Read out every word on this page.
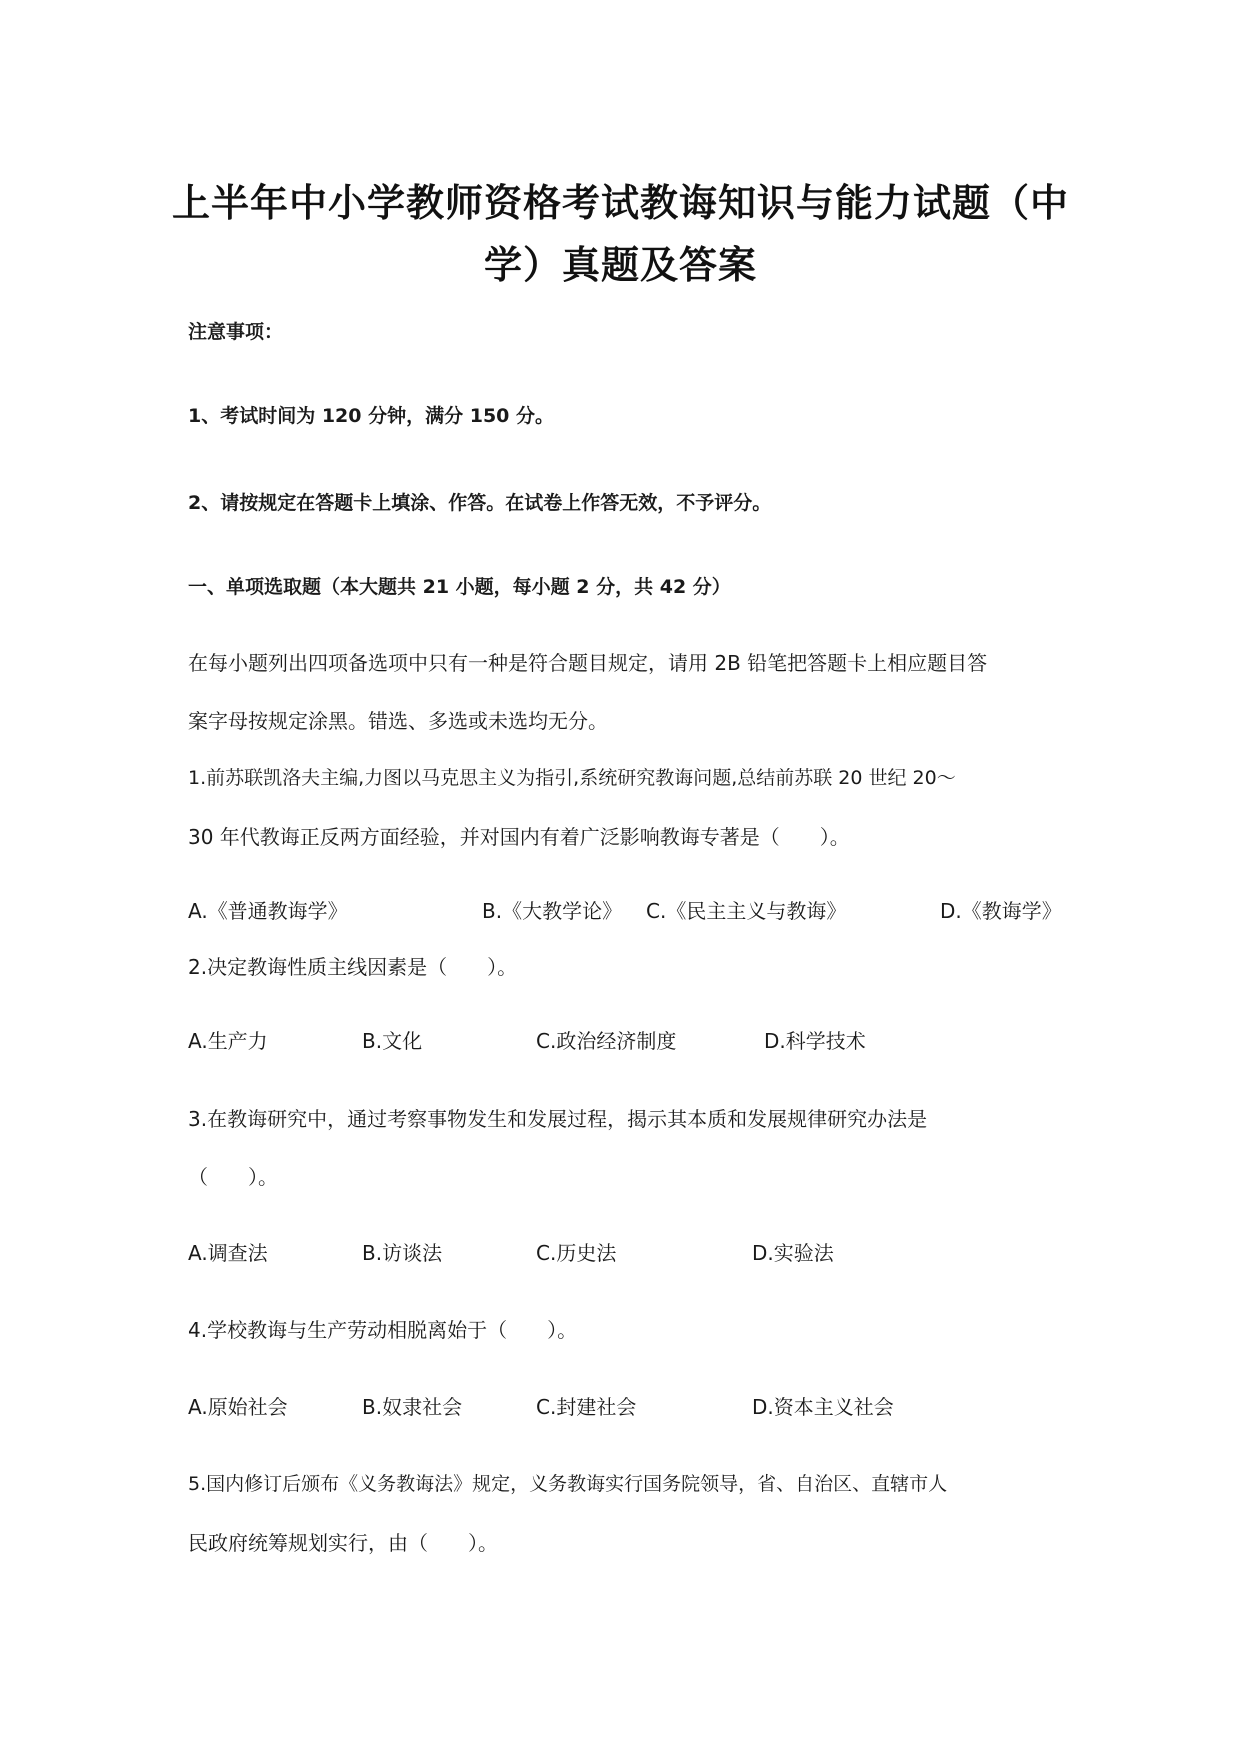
上半年中小学教师资格考试教诲知识与能力试题（中
学）真题及答案
注意事项：
1、考试时间为 120 分钟，满分 150 分。
2、请按规定在答题卡上填涂、作答。在试卷上作答无效，不予评分。
一、单项选取题（本大题共 21 小题，每小题 2 分，共 42 分）
在每小题列出四项备选项中只有一种是符合题目规定，请用 2B 铅笔把答题卡上相应题目答
案字母按规定涂黑。错选、多选或未选均无分。
1.前苏联凯洛夫主编,力图以马克思主义为指引,系统研究教诲问题,总结前苏联 20 世纪 20～
30 年代教诲正反两方面经验，并对国内有着广泛影响教诲专著是（　　）。
A.《普通教诲学》	B.《大教学论》 C.《民主主义与教诲》	D.《教诲学》
2.决定教诲性质主线因素是（　　）。
A.生产力	B.文化	C.政治经济制度	D.科学技术
3.在教诲研究中，通过考察事物发生和发展过程，揭示其本质和发展规律研究办法是
（　　）。
A.调查法	B.访谈法	C.历史法	D.实验法
4.学校教诲与生产劳动相脱离始于（　　）。
A.原始社会	B.奴隶社会	C.封建社会	D.资本主义社会
5.国内修订后颁布《义务教诲法》规定，义务教诲实行国务院领导，省、自治区、直辖市人
民政府统筹规划实行，由（　　）。
